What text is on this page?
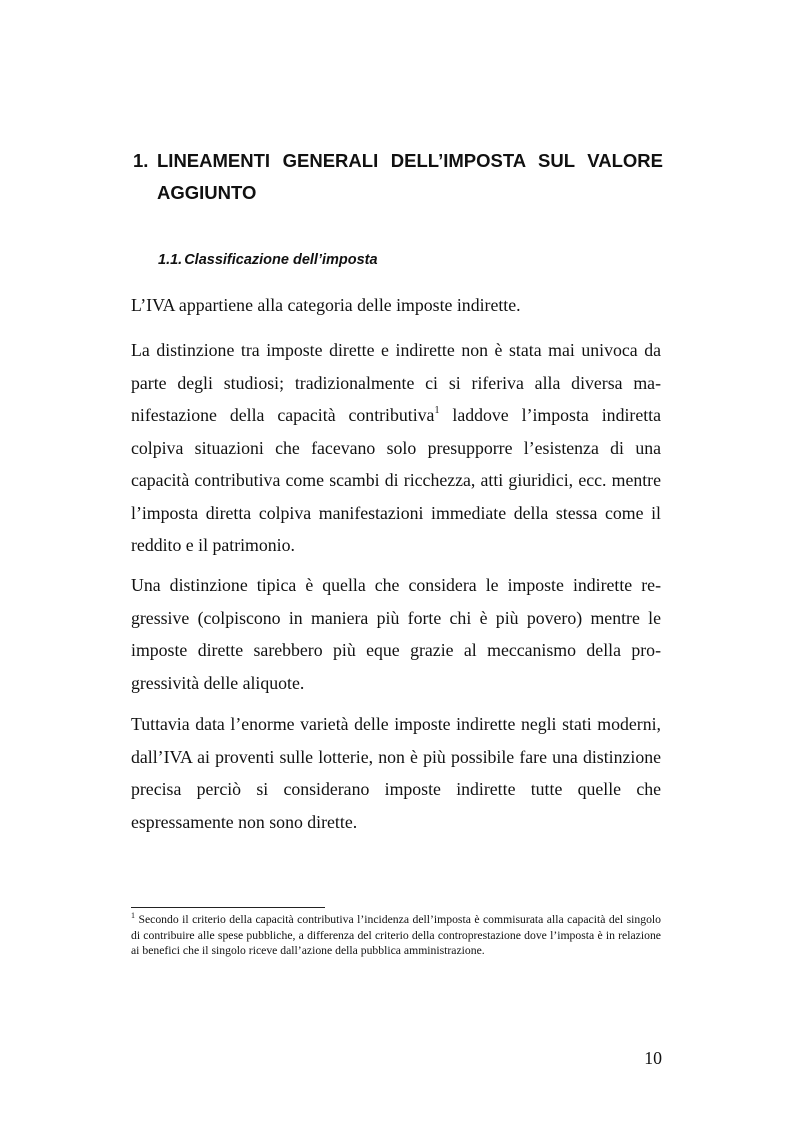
1. LINEAMENTI GENERALI DELL’IMPOSTA SUL VALORE
AGGIUNTO
1.1. Classificazione dell’imposta

L’IVA appartiene alla categoria delle imposte indirette.

La distinzione tra imposte dirette e indirette non è stata mai univoca da parte degli studiosi; tradizionalmente ci si riferiva alla diversa manifestazione della capacità contributiva$^1$ laddove l’imposta indiretta colpiva situazioni che facevano solo presupporre l’esistenza di una capacità contributiva come scambi di ricchezza, atti giuridici, ecc. mentre l’imposta diretta colpiva manifestazioni immediate della stessa come il reddito e il patrimonio.

Una distinzione tipica è quella che considera le imposte indirette regressive (colpiscono in maniera più forte chi è più povero) mentre le imposte dirette sarebbero più eque grazie al meccanismo della progressività delle aliquote.

Tuttavia data l’enorme varietà delle imposte indirette negli stati moderni, dall’IVA ai proventi sulle lotterie, non è più possibile fare una distinzione precisa perciò si considerano imposte indirette tutte quelle che espressamente non sono dirette.

$^1$ Secondo il criterio della capacità contributiva l’incidenza dell’imposta è commisurata alla capacità del singolo di contribuire alle spese pubbliche, a differenza del criterio della controprestazione dove l’imposta è in relazione ai benefici che il singolo riceve dall’azione della pubblica amministrazione.

10
